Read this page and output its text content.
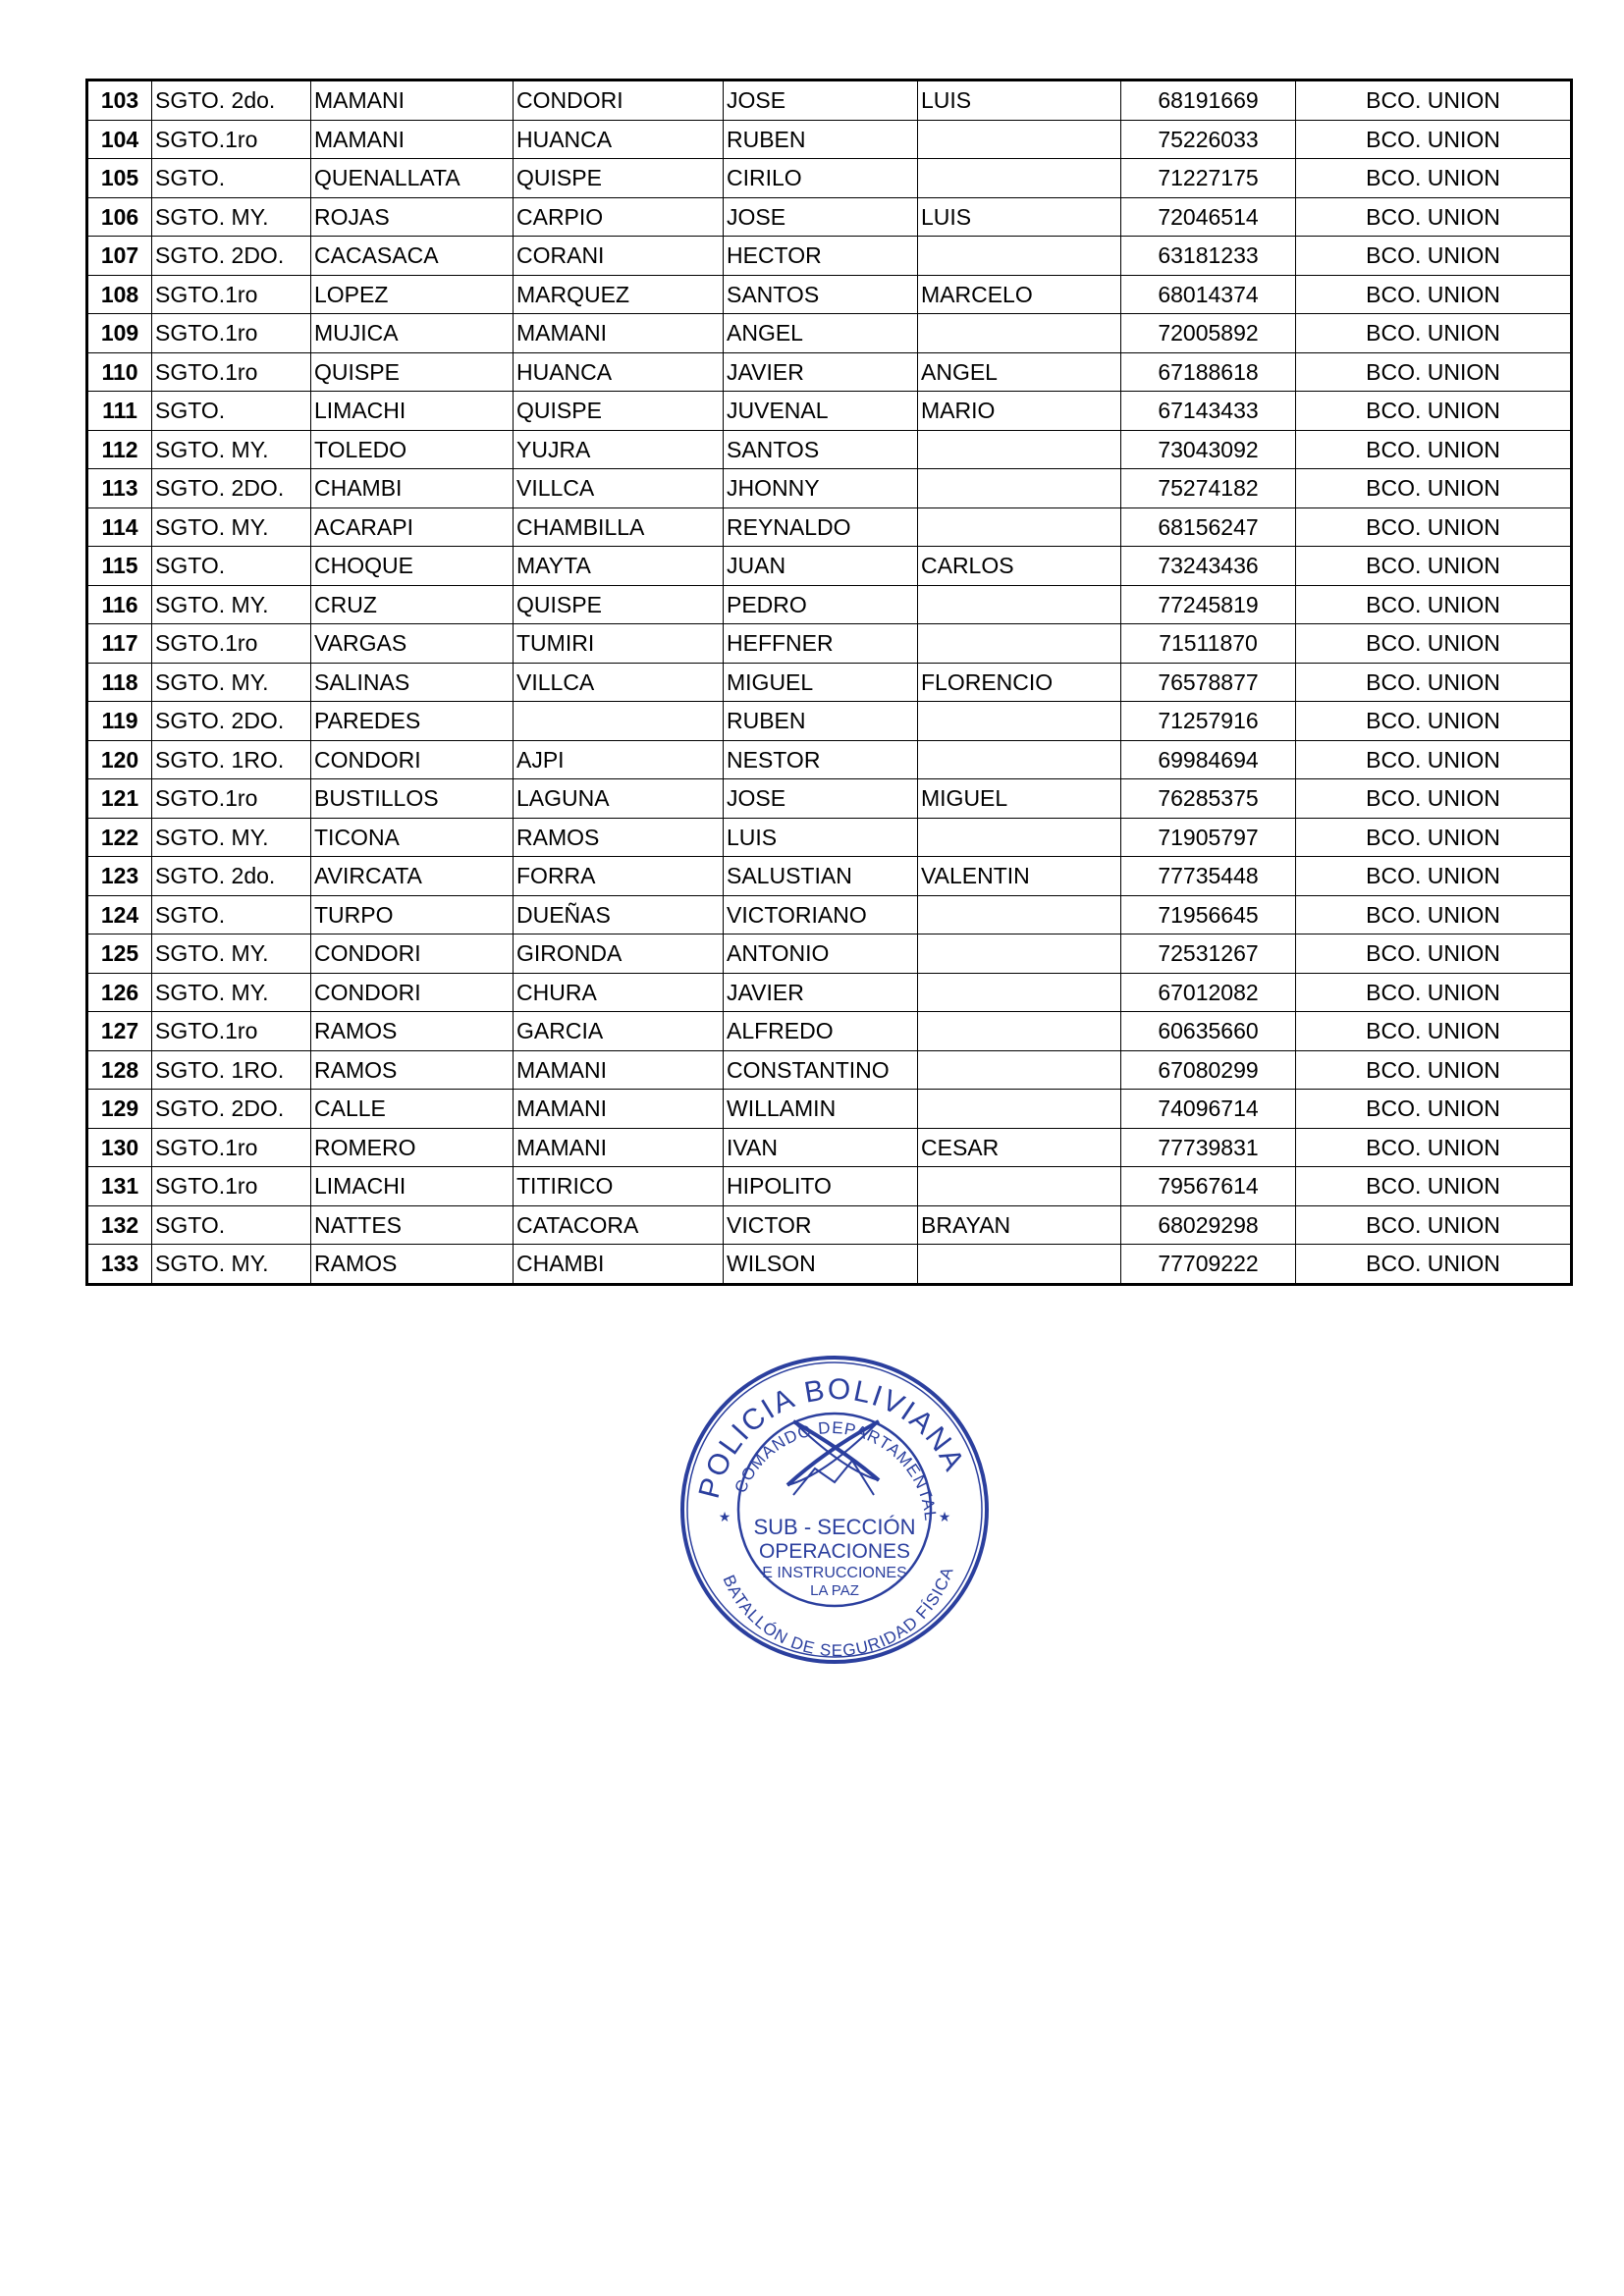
103	SGTO. 2do.	MAMANI	CONDORI	JOSE	LUIS	68191669	BCO. UNION
104	SGTO.1ro	MAMANI	HUANCA	RUBEN		75226033	BCO. UNION
105	SGTO.	QUENALLATA	QUISPE	CIRILO		71227175	BCO. UNION
106	SGTO. MY.	ROJAS	CARPIO	JOSE	LUIS	72046514	BCO. UNION
107	SGTO. 2DO.	CACASACA	CORANI	HECTOR		63181233	BCO. UNION
108	SGTO.1ro	LOPEZ	MARQUEZ	SANTOS	MARCELO	68014374	BCO. UNION
109	SGTO.1ro	MUJICA	MAMANI	ANGEL		72005892	BCO. UNION
110	SGTO.1ro	QUISPE	HUANCA	JAVIER	ANGEL	67188618	BCO. UNION
111	SGTO.	LIMACHI	QUISPE	JUVENAL	MARIO	67143433	BCO. UNION
112	SGTO. MY.	TOLEDO	YUJRA	SANTOS		73043092	BCO. UNION
113	SGTO. 2DO.	CHAMBI	VILLCA	JHONNY		75274182	BCO. UNION
114	SGTO. MY.	ACARAPI	CHAMBILLA	REYNALDO		68156247	BCO. UNION
115	SGTO.	CHOQUE	MAYTA	JUAN	CARLOS	73243436	BCO. UNION
116	SGTO. MY.	CRUZ	QUISPE	PEDRO		77245819	BCO. UNION
117	SGTO.1ro	VARGAS	TUMIRI	HEFFNER		71511870	BCO. UNION
118	SGTO. MY.	SALINAS	VILLCA	MIGUEL	FLORENCIO	76578877	BCO. UNION
119	SGTO. 2DO.	PAREDES		RUBEN		71257916	BCO. UNION
120	SGTO. 1RO.	CONDORI	AJPI	NESTOR		69984694	BCO. UNION
121	SGTO.1ro	BUSTILLOS	LAGUNA	JOSE	MIGUEL	76285375	BCO. UNION
122	SGTO. MY.	TICONA	RAMOS	LUIS		71905797	BCO. UNION
123	SGTO. 2do.	AVIRCATA	FORRA	SALUSTIAN	VALENTIN	77735448	BCO. UNION
124	SGTO.	TURPO	DUEÑAS	VICTORIANO		71956645	BCO. UNION
125	SGTO. MY.	CONDORI	GIRONDA	ANTONIO		72531267	BCO. UNION
126	SGTO. MY.	CONDORI	CHURA	JAVIER		67012082	BCO. UNION
127	SGTO.1ro	RAMOS	GARCIA	ALFREDO		60635660	BCO. UNION
128	SGTO. 1RO.	RAMOS	MAMANI	CONSTANTINO		67080299	BCO. UNION
129	SGTO. 2DO.	CALLE	MAMANI	WILLAMIN		74096714	BCO. UNION
130	SGTO.1ro	ROMERO	MAMANI	IVAN	CESAR	77739831	BCO. UNION
131	SGTO.1ro	LIMACHI	TITIRICO	HIPOLITO		79567614	BCO. UNION
132	SGTO.	NATTES	CATACORA	VICTOR	BRAYAN	68029298	BCO. UNION
133	SGTO. MY.	RAMOS	CHAMBI	WILSON		77709222	BCO. UNION
POLICIA BOLIVIANA
COMANDO DEPARTAMENTAL
BATALLÓN DE SEGURIDAD FÍSICA
SUB - SECCIÓN
OPERACIONES
E INSTRUCCIONES
LA PAZ
★	★
